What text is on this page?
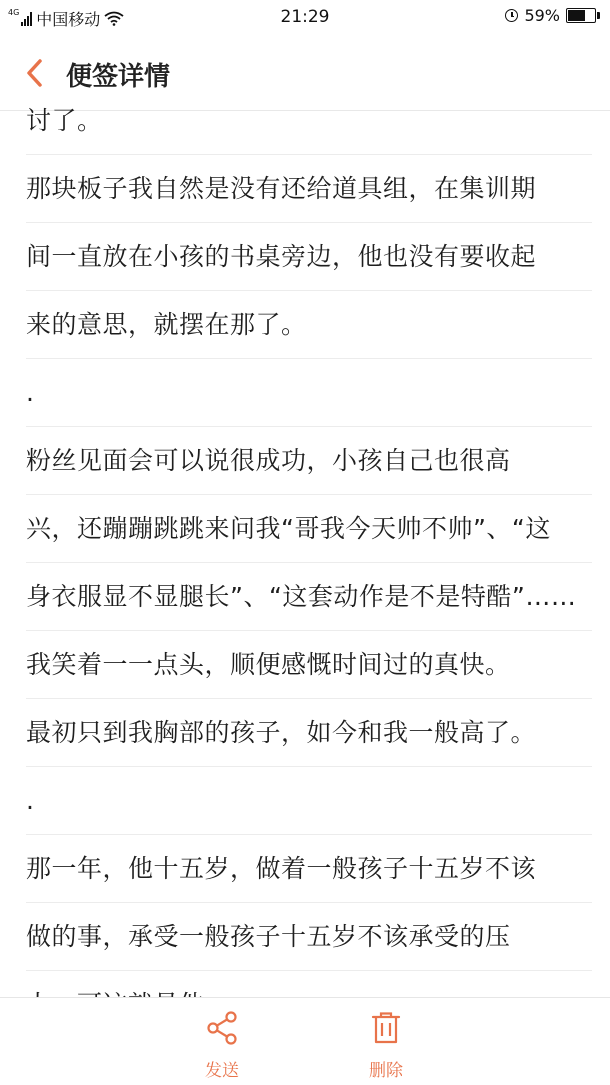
4G 中国移动	21:29	59%
便签详情
讨了。
那块板子我自然是没有还给道具组，在集训期
间一直放在小孩的书桌旁边，他也没有要收起
来的意思，就摆在那了。
.
粉丝见面会可以说很成功，小孩自己也很高
兴，还蹦蹦跳跳来问我“哥我今天帅不帅”、“这
身衣服显不显腿长”、“这套动作是不是特酷”……
我笑着一一点头，顺便感慨时间过的真快。
最初只到我胸部的孩子，如今和我一般高了。
.
那一年，他十五岁，做着一般孩子十五岁不该
做的事，承受一般孩子十五岁不该承受的压
发送	删除
